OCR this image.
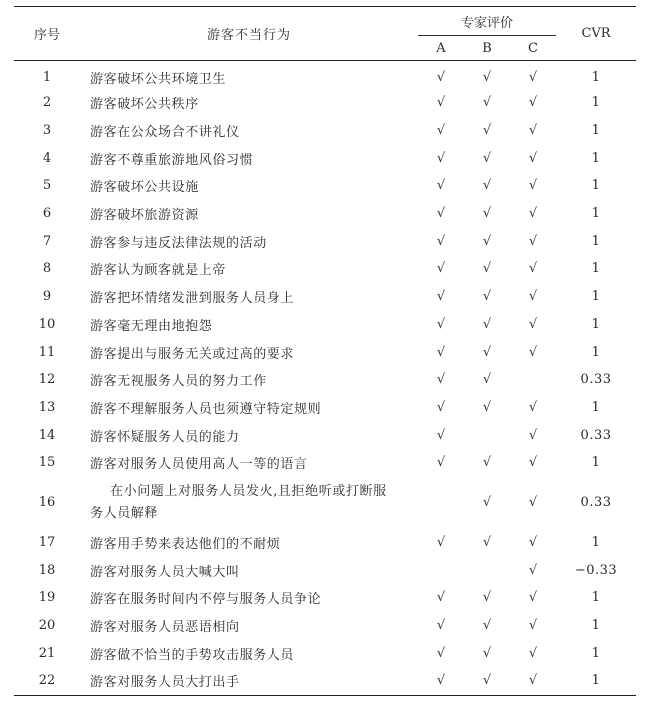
序号	游客不当行为	专家评价			CVR
		A	B	C	
1	游客破坏公共环境卫生	√	√	√	1
2	游客破坏公共秩序	√	√	√	1
3	游客在公众场合不讲礼仪	√	√	√	1
4	游客不尊重旅游地风俗习惯	√	√	√	1
5	游客破坏公共设施	√	√	√	1
6	游客破坏旅游资源	√	√	√	1
7	游客参与违反法律法规的活动	√	√	√	1
8	游客认为顾客就是上帝	√	√	√	1
9	游客把坏情绪发泄到服务人员身上	√	√	√	1
10	游客毫无理由地抱怨	√	√	√	1
11	游客提出与服务无关或过高的要求	√	√	√	1
12	游客无视服务人员的努力工作	√	√		0.33
13	游客不理解服务人员也须遵守特定规则	√	√	√	1
14	游客怀疑服务人员的能力	√		√	0.33
15	游客对服务人员使用高人一等的语言	√	√	√	1
16	在小问题上对服务人员发火,且拒绝听或打断服
务人员解释		√	√	0.33
17	游客用手势来表达他们的不耐烦	√	√	√	1
18	游客对服务人员大喊大叫			√	−0.33
19	游客在服务时间内不停与服务人员争论	√	√	√	1
20	游客对服务人员恶语相向	√	√	√	1
21	游客做不恰当的手势攻击服务人员	√	√	√	1
22	游客对服务人员大打出手	√	√	√	1
